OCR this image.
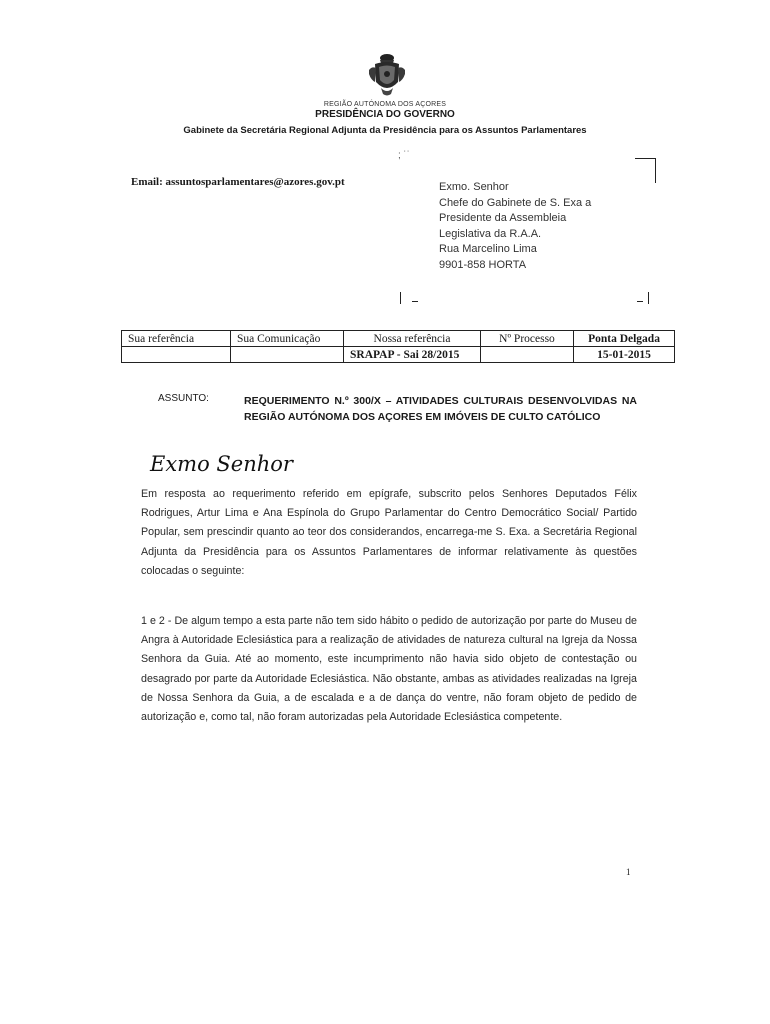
REGIÃO AUTÓNOMA DOS AÇORES
PRESIDÊNCIA DO GOVERNO
Gabinete da Secretária Regional Adjunta da Presidência para os Assuntos Parlamentares
Email: assuntosparlamentares@azores.gov.pt
; ˙˙
Exmo. Senhor
Chefe do Gabinete de S. Exa a
Presidente da Assembleia
Legislativa da R.A.A.
Rua Marcelino Lima
9901-858 HORTA
Sua referência	Sua Comunicação	Nossa referência	Nº Processo	Ponta Delgada
		SRAPAP - Sai 28/2015		15-01-2015
ASSUNTO:	REQUERIMENTO N.º 300/X – ATIVIDADES CULTURAIS DESENVOLVIDAS NA REGIÃO AUTÓNOMA DOS AÇORES EM IMÓVEIS DE CULTO CATÓLICO
Exmo Senhor
Em resposta ao requerimento referido em epígrafe, subscrito pelos Senhores Deputados Félix Rodrigues, Artur Lima e Ana Espínola do Grupo Parlamentar do Centro Democrático Social/ Partido Popular, sem prescindir quanto ao teor dos considerandos, encarrega-me S. Exa. a Secretária Regional Adjunta da Presidência para os Assuntos Parlamentares de informar relativamente às questões colocadas o seguinte:
1 e 2 - De algum tempo a esta parte não tem sido hábito o pedido de autorização por parte do Museu de Angra à Autoridade Eclesiástica para a realização de atividades de natureza cultural na Igreja da Nossa Senhora da Guia. Até ao momento, este incumprimento não havia sido objeto de contestação ou desagrado por parte da Autoridade Eclesiástica. Não obstante, ambas as atividades realizadas na Igreja de Nossa Senhora da Guia, a de escalada e a de dança do ventre, não foram objeto de pedido de autorização e, como tal, não foram autorizadas pela Autoridade Eclesiástica competente.
1
